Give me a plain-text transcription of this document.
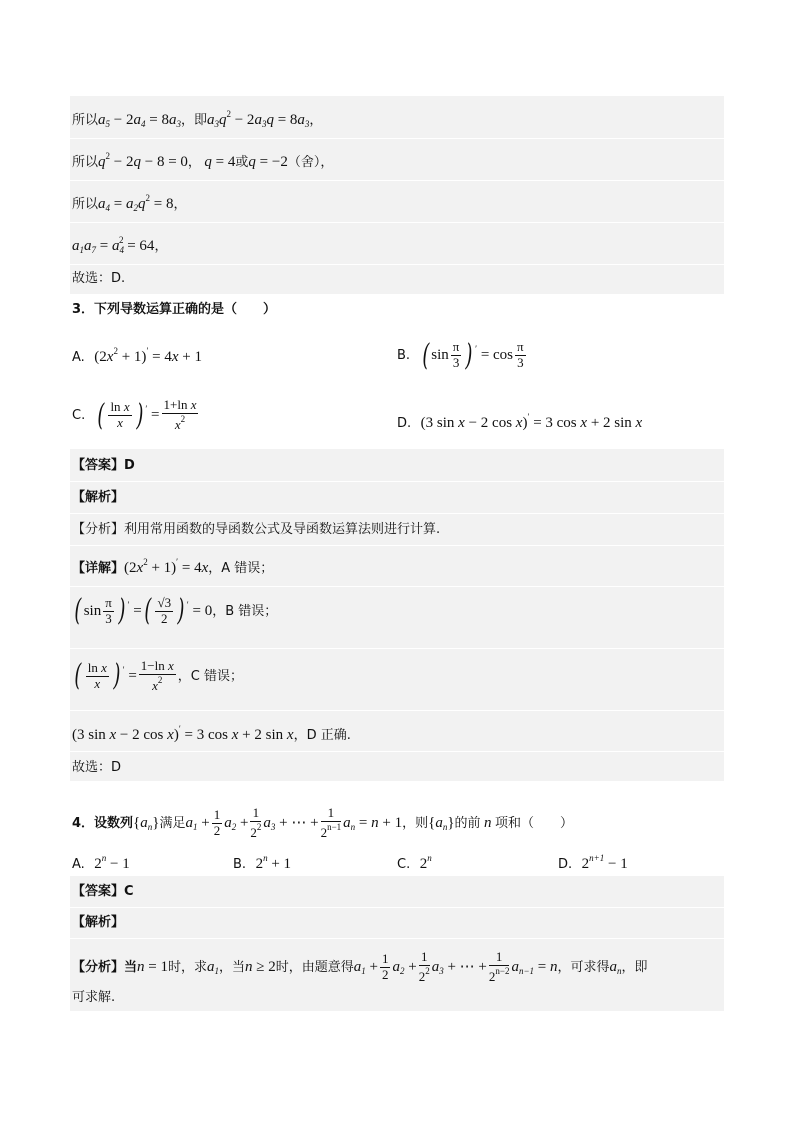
所以$a_5 - 2a_4 = 8a_3$，即$a_3q^2 - 2a_3q = 8a_3$，
所以$q^2 - 2q - 8 = 0$， q = 4或q = −2（舍），
所以$a_4 = a_2q^2 = 8$，
$a_1a_7 = a_4^2 = 64$，
故选：D.
3．下列导数运算正确的是（　　）
A. $(2x^2 + 1)' = 4x + 1$	B. ( $\sin \frac{\pi}{3}$ ) $' = \cos \frac{\pi}{3}$
C. ( $\frac{\text{ln x}}{x}$ ) $' = \frac{\text{1+ln x}}{x^2}$	D. (3 sin x − 2 cos x)′ = 3 cos x + 2 sin x
【答案】D
【解析】
【分析】利用常用函数的导函数公式及导函数运算法则进行计算.
【详解】$(2x^2 + 1)' = 4x$，A 错误；
( $\sin \frac{\pi}{3}$ ) ′ =( $\frac{√3}{2}$ ) ′ = 0，B 错误；
( $\frac{\text{ln x}}{x}$ ) $' = \frac{\text{1−ln x}}{x^2}$ ，C 错误；
(3 sin x − 2 cos x)′ = 3 cos x + 2 sin x，D 正确.
故选：D
4．设数列$\{a_n\}$满足$a_1 + \frac{1}{2} a_2 + \frac{1}{2^2} a_3$ + ⋯ + $\frac{1}{2^{n-1}} a_n = n + 1$，则$\{a_n\}$的前 n 项和（　　）
A. $2^n - 1$	B. $2^n + 1$	C. 2$^n$	D. $2^{n+1} - 1$
【答案】C
【解析】
【分析】当n = 1时，求$a_1$，当n ≥ 2时，由题意得$a_1 + \frac{1}{2} a_2 + \frac{1}{2^2} a_3$ + ⋯ + $\frac{1}{2^{n-2}} a_{n-1} = n$，可求得$a_n$，即
可求解.
